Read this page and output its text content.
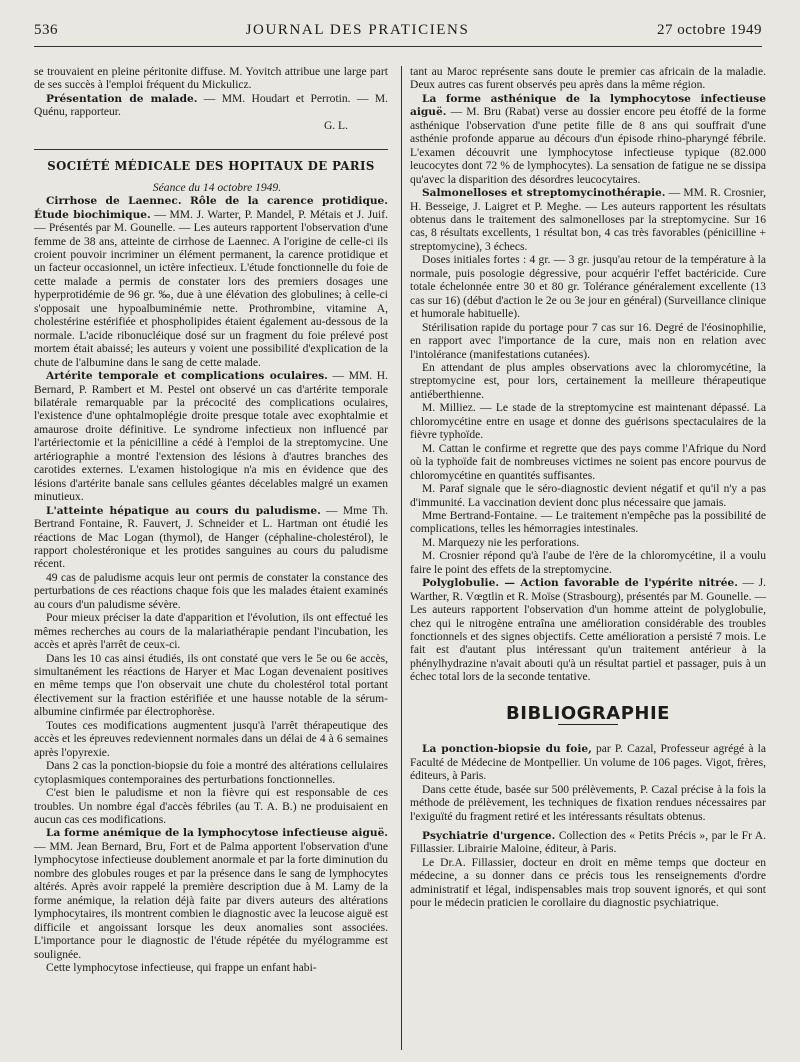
536	JOURNAL DES PRATICIENS	27 octobre 1949

se trouvaient en pleine péritonite diffuse. M. Yovitch attribue une large part de ses succès à l'emploi fréquent du Mickulicz.

Présentation de malade. — MM. Houdart et Perrotin. — M. Quénu, rapporteur.

G. L.

SOCIÉTÉ MÉDICALE DES HOPITAUX DE PARIS

Séance du 14 octobre 1949.

Cirrhose de Laennec. Rôle de la carence protidique. Étude biochimique. — MM. J. Warter, P. Mandel, P. Métais et J. Juif. — Présentés par M. Gounelle. — Les auteurs rapportent l'observation d'une femme de 38 ans, atteinte de cirrhose de Laennec. A l'origine de celle-ci ils croient pouvoir incriminer un élément permanent, la carence protidique et un facteur occasionnel, un ictère infectieux. L'étude fonctionnelle du foie de cette malade a permis de constater lors des premiers dosages une hyperprotidémie de 96 gr. ‰, due à une élévation des globulines; à celle-ci s'opposait une hypoalbuminémie nette. Prothrombine, vitamine A, cholestérine estérifiée et phospholipides étaient également au-dessous de la normale. L'acide ribonucléique dosé sur un fragment du foie prélevé post mortem était abaissé; les auteurs y voient une possibilité d'explication de la chute de l'albumine dans le sang de cette malade.

Artérite temporale et complications oculaires. — MM. H. Bernard, P. Rambert et M. Pestel ont observé un cas d'artérite temporale bilatérale remarquable par la précocité des complications oculaires, l'existence d'une ophtalmoplégie droite presque totale avec exophtalmie et amaurose droite définitive. Le syndrome infectieux non influencé par l'artériectomie et la pénicilline a cédé à l'emploi de la streptomycine. Une artériographie a montré l'extension des lésions à d'autres branches des carotides externes. L'examen histologique n'a mis en évidence que des lésions d'artérite banale sans cellules géantes décelables malgré un examen minutieux.

L'atteinte hépatique au cours du paludisme. — Mme Th. Bertrand Fontaine, R. Fauvert, J. Schneider et L. Hartman ont étudié les réactions de Mac Logan (thymol), de Hanger (céphaline-cholestérol), le rapport cholestéronique et les protides sanguines au cours du paludisme récent.

49 cas de paludisme acquis leur ont permis de constater la constance des perturbations de ces réactions chaque fois que les malades étaient examinés au cours d'un paludisme sévère.

Pour mieux préciser la date d'apparition et l'évolution, ils ont effectué les mêmes recherches au cours de la malariathérapie pendant l'incubation, les accès et après l'arrêt de ceux-ci.

Dans les 10 cas ainsi étudiés, ils ont constaté que vers le 5e ou 6e accès, simultanément les réactions de Haryer et Mac Logan devenaient positives en même temps que l'on observait une chute du cholestérol total portant électivement sur la fraction estérifiée et une hausse notable de la sérum-albumine cinfirmée par électrophorèse.

Toutes ces modifications augmentent jusqu'à l'arrêt thérapeutique des accès et les épreuves redeviennent normales dans un délai de 4 à 6 semaines après l'opyrexie.

Dans 2 cas la ponction-biopsie du foie a montré des altérations cellulaires cytoplasmiques contemporaines des perturbations fonctionnelles.

C'est bien le paludisme et non la fièvre qui est responsable de ces troubles. Un nombre égal d'accès fébriles (au T. A. B.) ne produisaient en aucun cas ces modifications.

La forme anémique de la lymphocytose infectieuse aiguë. — MM. Jean Bernard, Bru, Fort et de Palma apportent l'observation d'une lymphocytose infectieuse doublement anormale et par la forte diminution du nombre des globules rouges et par la présence dans le sang de lymphocytes altérés. Après avoir rappelé la première description due à M. Lamy de la forme anémique, la relation déjà faite par divers auteurs des altérations lymphocytaires, ils montrent combien le diagnostic avec la leucose aiguë est difficile et angoissant lorsque les deux anomalies sont associées. L'importance pour le diagnostic de l'étude répétée du myélogramme est soulignée.

Cette lymphocytose infectieuse, qui frappe un enfant habi-

tant au Maroc représente sans doute le premier cas africain de la maladie. Deux autres cas furent observés peu après dans la même région.

La forme asthénique de la lymphocytose infectieuse aiguë. — M. Bru (Rabat) verse au dossier encore peu étoffé de la forme asthénique l'observation d'une petite fille de 8 ans qui souffrait d'une asthénie profonde apparue au décours d'un épisode rhino-pharyngé fébrile. L'examen découvrit une lymphocytose infectieuse typique (82.000 leucocytes dont 72 % de lymphocytes). La sensation de fatigue ne se dissipa qu'avec la disparition des désordres leucocytaires.

Salmonelloses et streptomycinothérapie. — MM. R. Crosnier, H. Besseige, J. Laigret et P. Meghe. — Les auteurs rapportent les résultats obtenus dans le traitement des salmonelloses par la streptomycine. Sur 16 cas, 8 résultats excellents, 1 résultat bon, 4 cas très favorables (pénicilline + streptomycine), 3 échecs.

Doses initiales fortes : 4 gr. — 3 gr. jusqu'au retour de la température à la normale, puis posologie dégressive, pour acquérir l'effet bactéricide. Cure totale échelonnée entre 30 et 80 gr. Tolérance généralement excellente (13 cas sur 16) (début d'action le 2e ou 3e jour en général) (Surveillance clinique et humorale habituelle).

Stérilisation rapide du portage pour 7 cas sur 16. Degré de l'éosinophilie, en rapport avec l'importance de la cure, mais non en relation avec l'intolérance (manifestations cutanées).

En attendant de plus amples observations avec la chloromycétine, la streptomycine est, pour lors, certainement la meilleure thérapeutique antiéberthienne.

M. Milliez. — Le stade de la streptomycine est maintenant dépassé. La chloromycétine entre en usage et donne des guérisons spectaculaires de la fièvre typhoïde.

M. Cattan le confirme et regrette que des pays comme l'Afrique du Nord où la typhoïde fait de nombreuses victimes ne soient pas encore pourvus de chloromycétine en quantités suffisantes.

M. Paraf signale que le séro-diagnostic devient négatif et qu'il n'y a pas d'immunité. La vaccination devient donc plus nécessaire que jamais.

Mme Bertrand-Fontaine. — Le traitement n'empêche pas la possibilité de complications, telles les hémorragies intestinales.

M. Marquezy nie les perforations.

M. Crosnier répond qu'à l'aube de l'ère de la chloromycétine, il a voulu faire le point des effets de la streptomycine.

Polyglobulie. — Action favorable de l'ypérite nitrée. — J. Warther, R. Vœgtlin et R. Moïse (Strasbourg), présentés par M. Gounelle. — Les auteurs rapportent l'observation d'un homme atteint de polyglobulie, chez qui le nitrogène entraîna une amélioration considérable des troubles fonctionnels et des signes objectifs. Cette amélioration a persisté 7 mois. Le fait est d'autant plus intéressant qu'un traitement antérieur à la phénylhydrazine n'avait abouti qu'à un résultat partiel et passager, puis à un échec total lors de la seconde tentative.

BIBLIOGRAPHIE

La ponction-biopsie du foie, par P. Cazal, Professeur agrégé à la Faculté de Médecine de Montpellier. Un volume de 106 pages. Vigot, frères, éditeurs, à Paris.

Dans cette étude, basée sur 500 prélèvements, P. Cazal précise à la fois la méthode de prélèvement, les techniques de fixation rendues nécessaires par l'exiguïté du fragment retiré et les intéressants résultats obtenus.

Psychiatrie d'urgence. Collection des « Petits Précis », par le Fr A. Fillassier. Librairie Maloine, éditeur, à Paris.

Le Dr.A. Fillassier, docteur en droit en même temps que docteur en médecine, a su donner dans ce précis tous les renseignements d'ordre administratif et légal, indispensables mais trop souvent ignorés, et qui sont pour le médecin praticien le corollaire du diagnostic psychiatrique.
